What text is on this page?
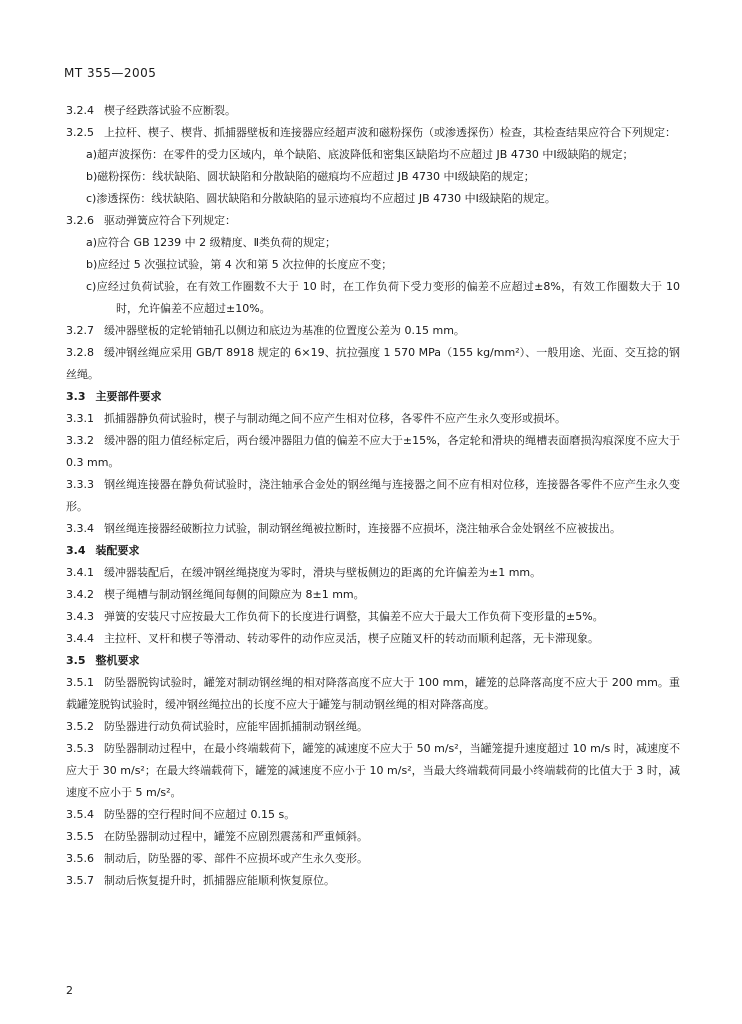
MT 355—2005

3.2.4 楔子经跌落试验不应断裂。

3.2.5 上拉杆、楔子、楔背、抓捕器壁板和连接器应经超声波和磁粉探伤（或渗透探伤）检查，其检查结果应符合下列规定：

a)超声波探伤：在零件的受力区域内，单个缺陷、底波降低和密集区缺陷均不应超过 JB 4730 中Ⅰ级缺陷的规定；

b)磁粉探伤：线状缺陷、圆状缺陷和分散缺陷的磁痕均不应超过 JB 4730 中Ⅰ级缺陷的规定；

c)渗透探伤：线状缺陷、圆状缺陷和分散缺陷的显示迹痕均不应超过 JB 4730 中Ⅰ级缺陷的规定。

3.2.6 驱动弹簧应符合下列规定：

a)应符合 GB 1239 中 2 级精度、Ⅱ类负荷的规定；

b)应经过 5 次强拉试验，第 4 次和第 5 次拉伸的长度应不变；

c)应经过负荷试验，在有效工作圈数不大于 10 时，在工作负荷下受力变形的偏差不应超过±8%，有效工作圈数大于 10 时，允许偏差不应超过±10%。

3.2.7 缓冲器壁板的定轮销轴孔以侧边和底边为基准的位置度公差为 0.15 mm。

3.2.8 缓冲钢丝绳应采用 GB/T 8918 规定的 6×19、抗拉强度 1 570 MPa（155 kg/mm²）、一般用途、光面、交互捻的钢丝绳。

3.3 主要部件要求

3.3.1 抓捕器静负荷试验时，楔子与制动绳之间不应产生相对位移，各零件不应产生永久变形或损坏。

3.3.2 缓冲器的阻力值经标定后，两台缓冲器阻力值的偏差不应大于±15%，各定轮和滑块的绳槽表面磨损沟痕深度不应大于 0.3 mm。

3.3.3 钢丝绳连接器在静负荷试验时，浇注轴承合金处的钢丝绳与连接器之间不应有相对位移，连接器各零件不应产生永久变形。

3.3.4 钢丝绳连接器经破断拉力试验，制动钢丝绳被拉断时，连接器不应损坏，浇注轴承合金处钢丝不应被拔出。

3.4 装配要求

3.4.1 缓冲器装配后，在缓冲钢丝绳挠度为零时，滑块与壁板侧边的距离的允许偏差为±1 mm。

3.4.2 楔子绳槽与制动钢丝绳间每侧的间隙应为 8±1 mm。

3.4.3 弹簧的安装尺寸应按最大工作负荷下的长度进行调整，其偏差不应大于最大工作负荷下变形量的±5%。

3.4.4 主拉杆、叉杆和楔子等滑动、转动零件的动作应灵活，楔子应随叉杆的转动而顺利起落，无卡滞现象。

3.5 整机要求

3.5.1 防坠器脱钩试验时，罐笼对制动钢丝绳的相对降落高度不应大于 100 mm，罐笼的总降落高度不应大于 200 mm。重载罐笼脱钩试验时，缓冲钢丝绳拉出的长度不应大于罐笼与制动钢丝绳的相对降落高度。

3.5.2 防坠器进行动负荷试验时，应能牢固抓捕制动钢丝绳。

3.5.3 防坠器制动过程中，在最小终端载荷下，罐笼的减速度不应大于 50 m/s²，当罐笼提升速度超过 10 m/s 时，减速度不应大于 30 m/s²；在最大终端载荷下，罐笼的减速度不应小于 10 m/s²，当最大终端载荷同最小终端载荷的比值大于 3 时，减速度不应小于 5 m/s²。

3.5.4 防坠器的空行程时间不应超过 0.15 s。

3.5.5 在防坠器制动过程中，罐笼不应剧烈震荡和严重倾斜。

3.5.6 制动后，防坠器的零、部件不应损坏或产生永久变形。

3.5.7 制动后恢复提升时，抓捕器应能顺利恢复原位。

2
